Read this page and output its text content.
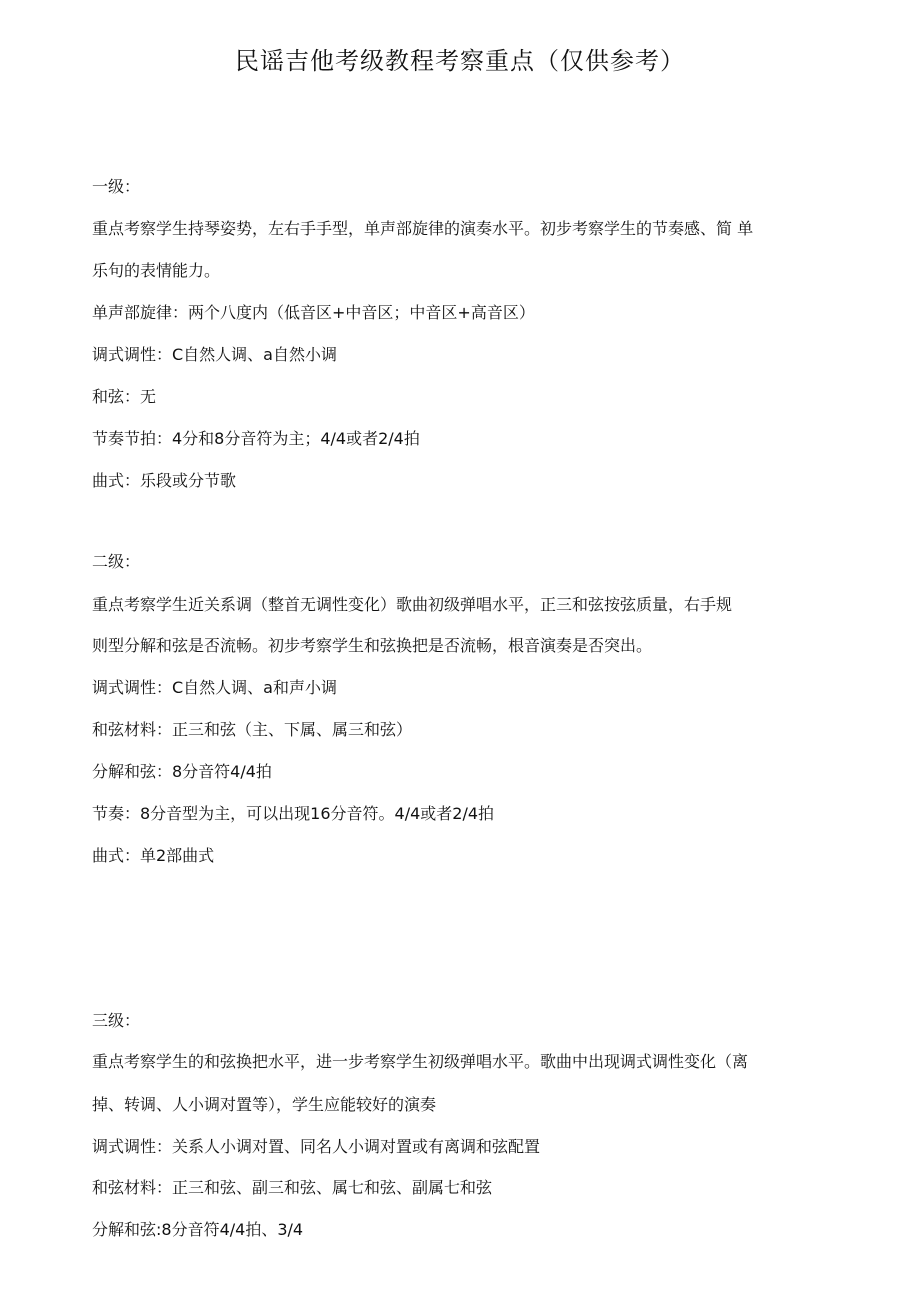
民谣吉他考级教程考察重点（仅供参考）
一级：
重点考察学生持琴姿势，左右手手型，单声部旋律的演奏水平。初步考察学生的节奏感、简 单
乐句的表情能力。
单声部旋律：两个八度内（低音区+中音区；中音区+高音区）
调式调性：C自然人调、a自然小调
和弦：无
节奏节拍：4分和8分音符为主；4/4或者2/4拍
曲式：乐段或分节歌
二级：
重点考察学生近关系调（整首无调性变化）歌曲初级弹唱水平，正三和弦按弦质量，右手规
则型分解和弦是否流畅。初步考察学生和弦换把是否流畅，根音演奏是否突出。
调式调性：C自然人调、a和声小调
和弦材料：正三和弦（主、下属、属三和弦）
分解和弦：8分音符4/4拍
节奏：8分音型为主，可以出现16分音符。4/4或者2/4拍
曲式：单2部曲式
三级：
重点考察学生的和弦换把水平，进一步考察学生初级弹唱水平。歌曲中出现调式调性变化（离
掉、转调、人小调对置等），学生应能较好的演奏
调式调性：关系人小调对置、同名人小调对置或有离调和弦配置
和弦材料：正三和弦、副三和弦、属七和弦、副属七和弦
分解和弦:8分音符4/4拍、3/4
